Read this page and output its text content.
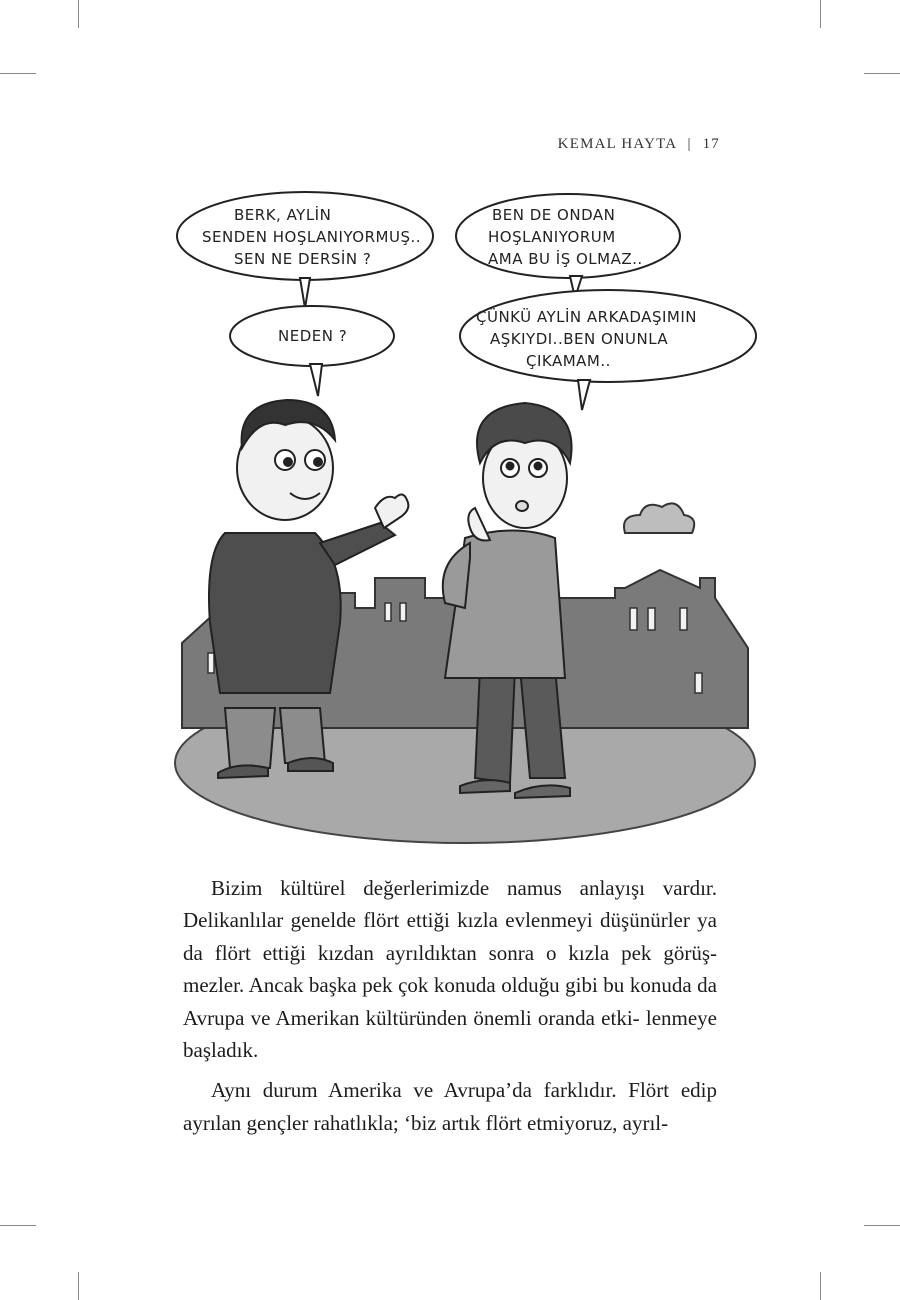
KEMAL HAYTA | 17
BERK, AYLİN
SENDEN HOŞLANIYORMUŞ..
SEN NE DERSİN ?
NEDEN ?
BEN DE ONDAN
HOŞLANIYORUM
AMA BU İŞ OLMAZ..
ÇÜNKÜ AYLİN ARKADAŞIMIN
AŞKIYDI..BEN ONUNLA
ÇIKAMAM..

Bizim kültürel değerlerimizde namus anlayışı vardır. Delikanlılar genelde flört ettiği kızla evlenmeyi düşünürler ya da flört ettiği kızdan ayrıldıktan sonra o kızla pek görüş- mezler. Ancak başka pek çok konuda olduğu gibi bu konuda da Avrupa ve Amerikan kültüründen önemli oranda etki- lenmeye başladık.

Aynı durum Amerika ve Avrupa’da farklıdır. Flört edip ayrılan gençler rahatlıkla; ‘biz artık flört etmiyoruz, ayrıl-
